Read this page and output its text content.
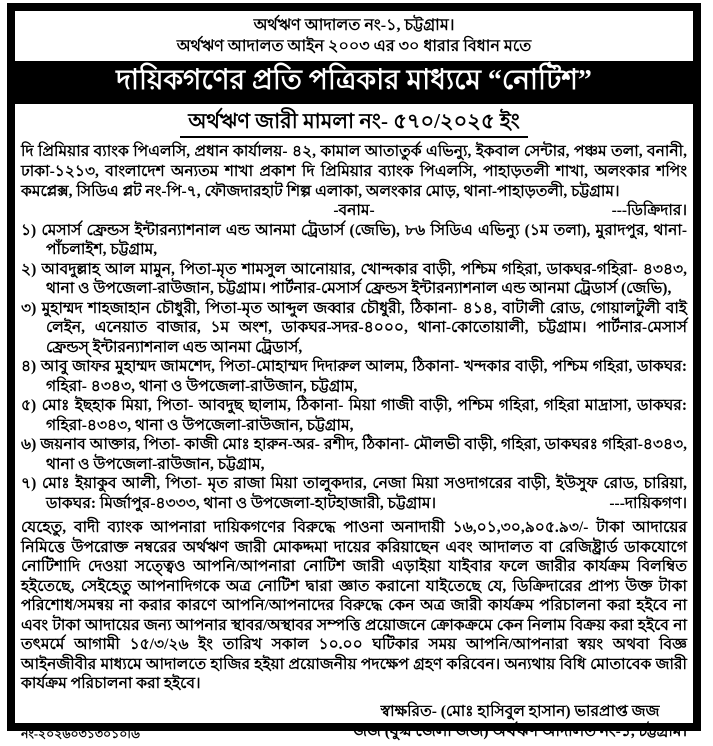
অর্থঋণ আদালত নং-১, চট্টগ্রাম।
অর্থঋণ আদালত আইন ২০০৩ এর ৩০ ধারার বিধান মতে
দায়িকগণের প্রতি পত্রিকার মাধ্যমে “নোটিশ”
অর্থঋণ জারী মামলা নং- ৫৭০/২০২৫ ইং

দি প্রিমিয়ার ব্যাংক পিএলসি, প্রধান কার্যালয়- ৪২, কামাল আতাতুর্ক এভিন্যু, ইকবাল সেন্টার, পঞ্চম তলা, বনানী, ঢাকা-১২১৩, বাংলাদেশ অন্যতম শাখা প্রকাশ দি প্রিমিয়ার ব্যাংক পিএলসি, পাহাড়তলী শাখা, অলংকার শপিং কমপ্লেক্স, সিডিএ প্লট নং-পি-৭, ফৌজদারহাট শিল্প এলাকা, অলংকার মোড়, থানা-পাহাড়তলী, চট্টগ্রাম।

-বনাম-	---ডিক্রিদার।
১) মেসার্স ফ্রেন্ডস ইন্টারন্যাশনাল এন্ড আনমা ট্রেডার্স (জেভি), ৮৬ সিডিএ এভিন্যু (১ম তলা), মুরাদপুর, থানা-পাঁচলাইশ, চট্টগ্রাম,
২) আবদুল্লাহ আল মামুন, পিতা-মৃত শামসুল আনোয়ার, খোন্দকার বাড়ী, পশ্চিম গহিরা, ডাকঘর-গহিরা- ৪৩৪৩, থানা ও উপজেলা-রাউজান, চট্টগ্রাম। পার্টনার-মেসার্স ফ্রেন্ডস ইন্টারন্যাশনাল এন্ড আনমা ট্রেডার্স (জেভি),
৩) মুহাম্মদ শাহজাহান চৌধুরী, পিতা-মৃত আব্দুল জব্বার চৌধুরী, ঠিকানা- ৪১৪, বাটালী রোড, গোয়ালটুলী বাই লেইন, এনেয়াত বাজার, ১ম অংশ, ডাকঘর-সদর-৪০০০, থানা-কোতোয়ালী, চট্টগ্রাম। পার্টনার-মেসার্স ফ্রেন্ডস্ ইন্টারন্যাশনাল এন্ড আনমা ট্রেডার্স,
৪) আবু জাফর মুহাম্মদ জামশেদ, পিতা-মোহাম্মদ দিদারুল আলম, ঠিকানা- খন্দকার বাড়ী, পশ্চিম গহিরা, ডাকঘর: গহিরা- ৪৩৪৩, থানা ও উপজেলা-রাউজান, চট্টগ্রাম,
৫) মোঃ ইছহাক মিয়া, পিতা- আবদুছ ছালাম, ঠিকানা- মিয়া গাজী বাড়ী, পশ্চিম গহিরা, গহিরা মাদ্রাসা, ডাকঘর: গহিরা-৪৩৪৩, থানা ও উপজেলা-রাউজান, চট্টগ্রাম,
৬) জয়নাব আক্তার, পিতা- কাজী মোঃ হারুন-অর- রশীদ, ঠিকানা- মৌলভী বাড়ী, গহিরা, ডাকঘরঃ গহিরা-৪৩৪৩, থানা ও উপজেলা-রাউজান, চট্টগ্রাম,
৭) মোঃ ইয়াকুব আলী, পিতা- মৃত রাজা মিয়া তালুকদার, নেজা মিয়া সওদাগরের বাড়ী, ইউসুফ রোড, চারিয়া, ডাকঘর: মির্জাপুর-৪৩৩৩, থানা ও উপজেলা-হাটহাজারী, চট্টগ্রাম।	---দায়িকগণ।

যেহেতু, বাদী ব্যাংক আপনারা দায়িকগণের বিরুদ্ধে পাওনা অনাদায়ী ১৬,০১,৩০,৯০৫.৯৩/- টাকা আদায়ের নিমিত্তে উপরোক্ত নম্বরের অর্থঋণ জারী মোকদ্দমা দায়ের করিয়াছেন এবং আদালত বা রেজিষ্ট্রার্ড ডাকযোগে নোটিশাদি দেওয়া সত্ত্বেও আপনি/আপনারা নোটিশ জারী এড়াইয়া যাইবার ফলে জারীর কার্যক্রম বিলম্বিত হইতেছে, সেইহেতু আপনাদিগকে অত্র নোটিশ দ্বারা জ্ঞাত করানো যাইতেছে যে, ডিক্রিদারের প্রাপ্য উক্ত টাকা পরিশোধ/সমন্বয় না করার কারণে আপনি/আপনাদের বিরুদ্ধে কেন অত্র জারী কার্যক্রম পরিচালনা করা হইবে না এবং টাকা আদায়ের জন্য আপনার স্থাবর/অস্থাবর সম্পত্তি প্রয়োজনে ক্রোকক্রমে কেন নিলাম বিক্রয় করা হইবে না তৎমর্মে আগামী ১৫/৩/২৬ ইং তারিখ সকাল ১০.০০ ঘটিকার সময় আপনি/আপনারা স্বয়ং অথবা বিজ্ঞ আইনজীবীর মাধ্যমে আদালতে হাজির হইয়া প্রয়োজনীয় পদক্ষেপ গ্রহণ করিবেন। অন্যথায় বিধি মোতাবেক জারী কার্যক্রম পরিচালনা করা হইবে।

নং-২০২৬০৩১৩০১০ডি
স্বাক্ষরিত- (মোঃ হাসিবুল হাসান) ভারপ্রাপ্ত জজ
জজ (যুগ্ম জেলা জজ) অর্থঋণ আদালত নং-১, চট্টগ্রাম।
